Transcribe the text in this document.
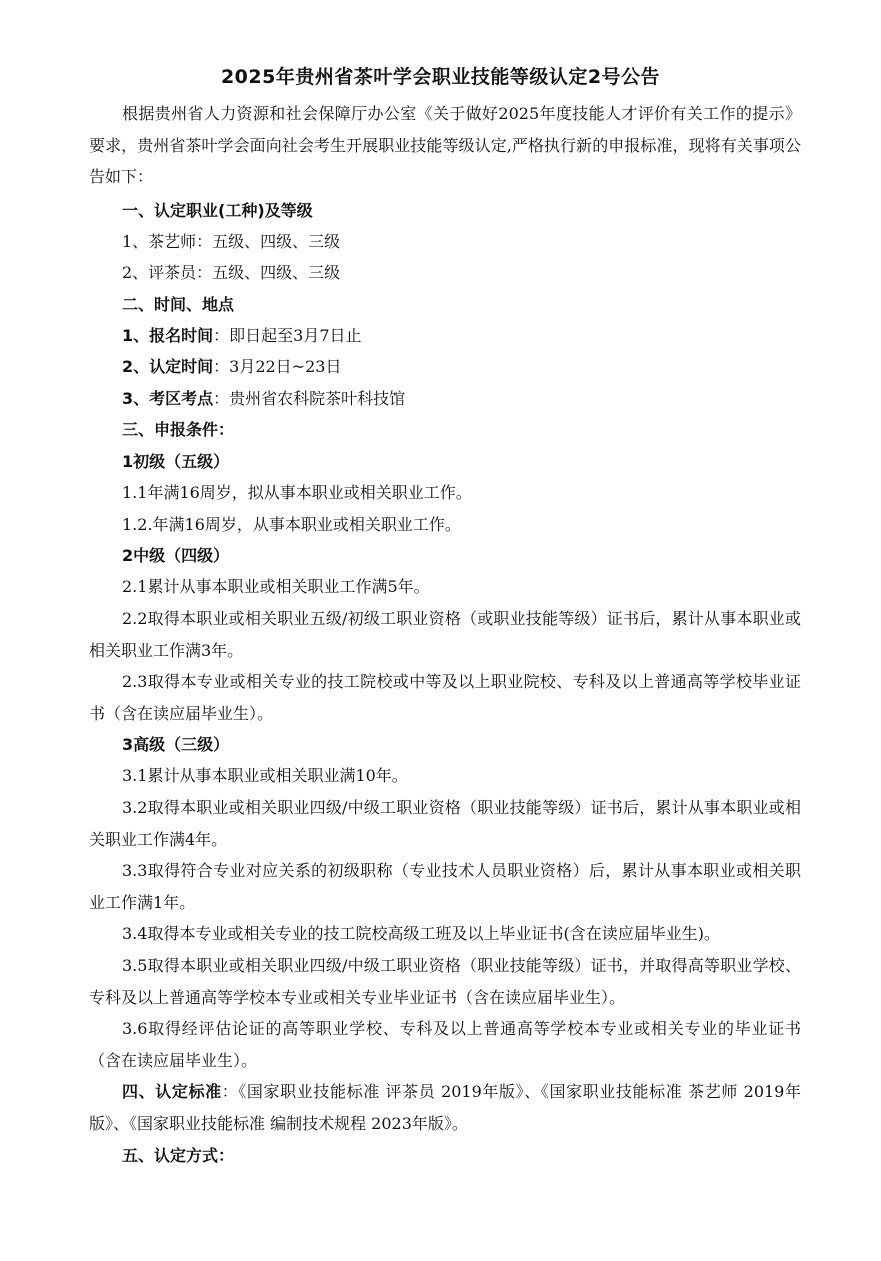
2025年贵州省茶叶学会职业技能等级认定2号公告
根据贵州省人力资源和社会保障厅办公室《关于做好2025年度技能人才评价有关工作的提示》要求，贵州省茶叶学会面向社会考生开展职业技能等级认定,严格执行新的申报标准，现将有关事项公告如下：
一、认定职业(工种)及等级
1、茶艺师：五级、四级、三级
2、评茶员：五级、四级、三级
二、时间、地点
1、报名时间：即日起至3月7日止
2、认定时间：3月22日~23日
3、考区考点：贵州省农科院茶叶科技馆
三、申报条件：
1初级（五级）
1.1年满16周岁，拟从事本职业或相关职业工作。
1.2.年满16周岁，从事本职业或相关职业工作。
2中级（四级）
2.1累计从事本职业或相关职业工作满5年。
2.2取得本职业或相关职业五级/初级工职业资格（或职业技能等级）证书后，累计从事本职业或相关职业工作满3年。
2.3取得本专业或相关专业的技工院校或中等及以上职业院校、专科及以上普通高等学校毕业证书（含在读应届毕业生）。
3高级（三级）
3.1累计从事本职业或相关职业满10年。
3.2取得本职业或相关职业四级/中级工职业资格（职业技能等级）证书后，累计从事本职业或相关职业工作满4年。
3.3取得符合专业对应关系的初级职称（专业技术人员职业资格）后，累计从事本职业或相关职业工作满1年。
3.4取得本专业或相关专业的技工院校高级工班及以上毕业证书(含在读应届毕业生)。
3.5取得本职业或相关职业四级/中级工职业资格（职业技能等级）证书，并取得高等职业学校、专科及以上普通高等学校本专业或相关专业毕业证书（含在读应届毕业生）。
3.6取得经评估论证的高等职业学校、专科及以上普通高等学校本专业或相关专业的毕业证书（含在读应届毕业生）。
四、认定标准：《国家职业技能标准 评茶员 2019年版》、《国家职业技能标准 茶艺师 2019年版》、《国家职业技能标准 编制技术规程 2023年版》。
五、认定方式：
